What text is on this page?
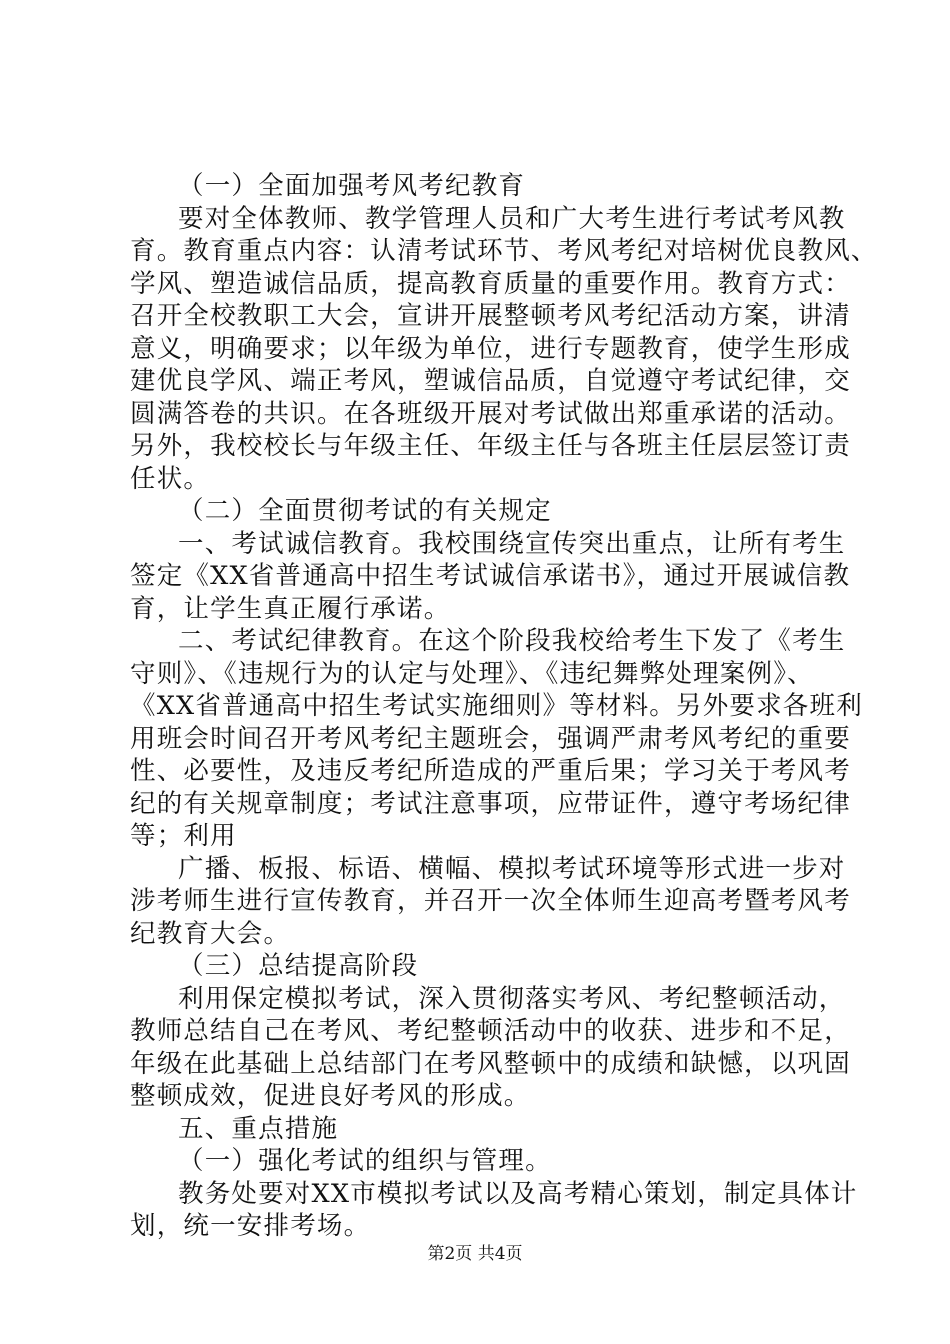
（一）全面加强考风考纪教育
要对全体教师、教学管理人员和广大考生进行考试考风教
育。教育重点内容：认清考试环节、考风考纪对培树优良教风、
学风、塑造诚信品质，提高教育质量的重要作用。教育方式：
召开全校教职工大会，宣讲开展整顿考风考纪活动方案，讲清
意义，明确要求；以年级为单位，进行专题教育，使学生形成
建优良学风、端正考风，塑诚信品质，自觉遵守考试纪律，交
圆满答卷的共识。在各班级开展对考试做出郑重承诺的活动。
另外，我校校长与年级主任、年级主任与各班主任层层签订责
任状。
（二）全面贯彻考试的有关规定
一、考试诚信教育。我校围绕宣传突出重点，让所有考生
签定《XX省普通高中招生考试诚信承诺书》，通过开展诚信教
育，让学生真正履行承诺。
二、考试纪律教育。在这个阶段我校给考生下发了《考生
守则》、《违规行为的认定与处理》、《违纪舞弊处理案例》、
《XX省普通高中招生考试实施细则》等材料。另外要求各班利
用班会时间召开考风考纪主题班会，强调严肃考风考纪的重要
性、必要性，及违反考纪所造成的严重后果；学习关于考风考
纪的有关规章制度；考试注意事项，应带证件，遵守考场纪律
等；利用
广播、板报、标语、横幅、模拟考试环境等形式进一步对
涉考师生进行宣传教育，并召开一次全体师生迎高考暨考风考
纪教育大会。
（三）总结提高阶段
利用保定模拟考试，深入贯彻落实考风、考纪整顿活动，
教师总结自己在考风、考纪整顿活动中的收获、进步和不足，
年级在此基础上总结部门在考风整顿中的成绩和缺憾，以巩固
整顿成效，促进良好考风的形成。
五、重点措施
（一）强化考试的组织与管理。
教务处要对XX市模拟考试以及高考精心策划，制定具体计
划，统一安排考场。
第2页 共4页
